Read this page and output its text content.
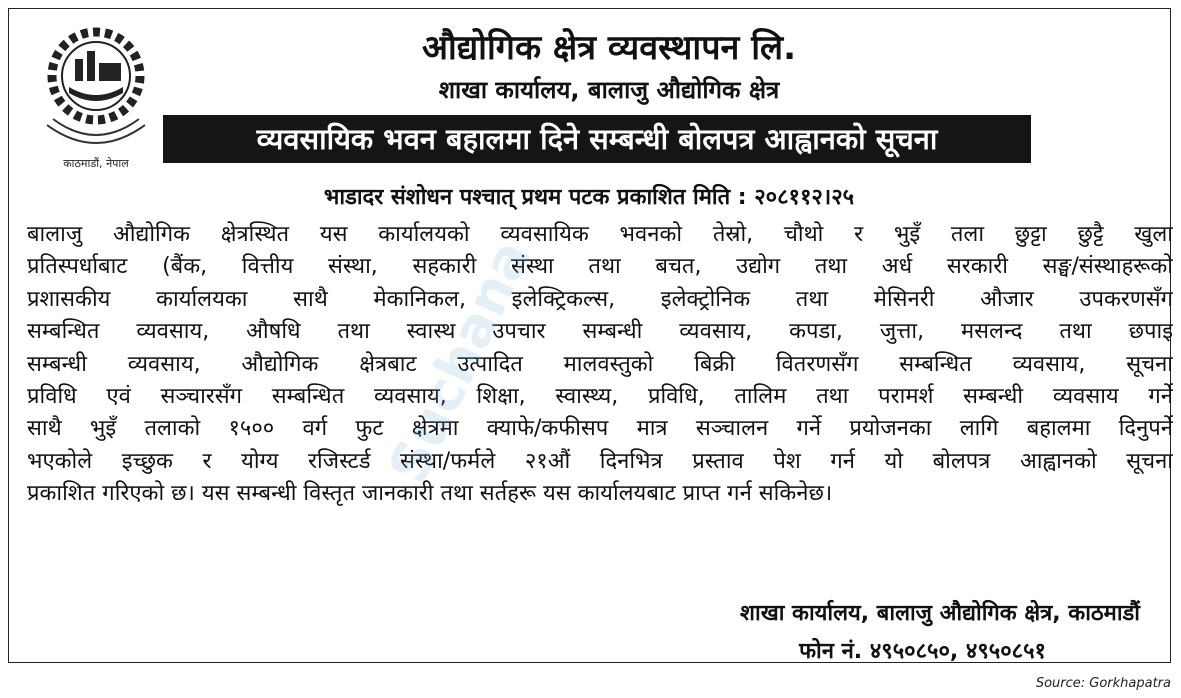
काठमाडौं, नेपाल
औद्योगिक क्षेत्र व्यवस्थापन लि.
शाखा कार्यालय, बालाजु औद्योगिक क्षेत्र
व्यवसायिक भवन बहालमा दिने सम्बन्धी बोलपत्र आह्वानको सूचना
भाडादर संशोधन पश्चात् प्रथम पटक प्रकाशित मिति : २०८११२।२५
बालाजु औद्योगिक क्षेत्रस्थित यस कार्यालयको व्यवसायिक भवनको तेस्रो, चौथो र भुइँ तला छुट्टा छुट्टै खुला
प्रतिस्पर्धाबाट (बैंक, वित्तीय संस्था, सहकारी संस्था तथा बचत, उद्योग तथा अर्ध सरकारी सङ्घ/संस्थाहरूको
प्रशासकीय कार्यालयका साथै मेकानिकल, इलेक्ट्रिकल्स, इलेक्ट्रोनिक तथा मेसिनरी औजार उपकरणसँग
सम्बन्धित व्यवसाय, औषधि तथा स्वास्थ उपचार सम्बन्धी व्यवसाय, कपडा, जुत्ता, मसलन्द तथा छपाइ
सम्बन्धी व्यवसाय, औद्योगिक क्षेत्रबाट उत्पादित मालवस्तुको बिक्री वितरणसँग सम्बन्धित व्यवसाय, सूचना
प्रविधि एवं सञ्चारसँग सम्बन्धित व्यवसाय, शिक्षा, स्वास्थ्य, प्रविधि, तालिम तथा परामर्श सम्बन्धी व्यवसाय गर्ने
साथै भुइँ तलाको १५०० वर्ग फुट क्षेत्रमा क्याफे/कफीसप मात्र सञ्चालन गर्ने प्रयोजनका लागि बहालमा दिनुपर्ने
भएकोले इच्छुक र योग्य रजिस्टर्ड संस्था/फर्मले २१औं दिनभित्र प्रस्ताव पेश गर्न यो बोलपत्र आह्वानको सूचना
प्रकाशित गरिएको छ। यस सम्बन्धी विस्तृत जानकारी तथा सर्तहरू यस कार्यालयबाट प्राप्त गर्न सकिनेछ।
शाखा कार्यालय, बालाजु औद्योगिक क्षेत्र, काठमाडौं
फोन नं. ४९५०८५०, ४९५०८५१
Suchana
Source: Gorkhapatra
